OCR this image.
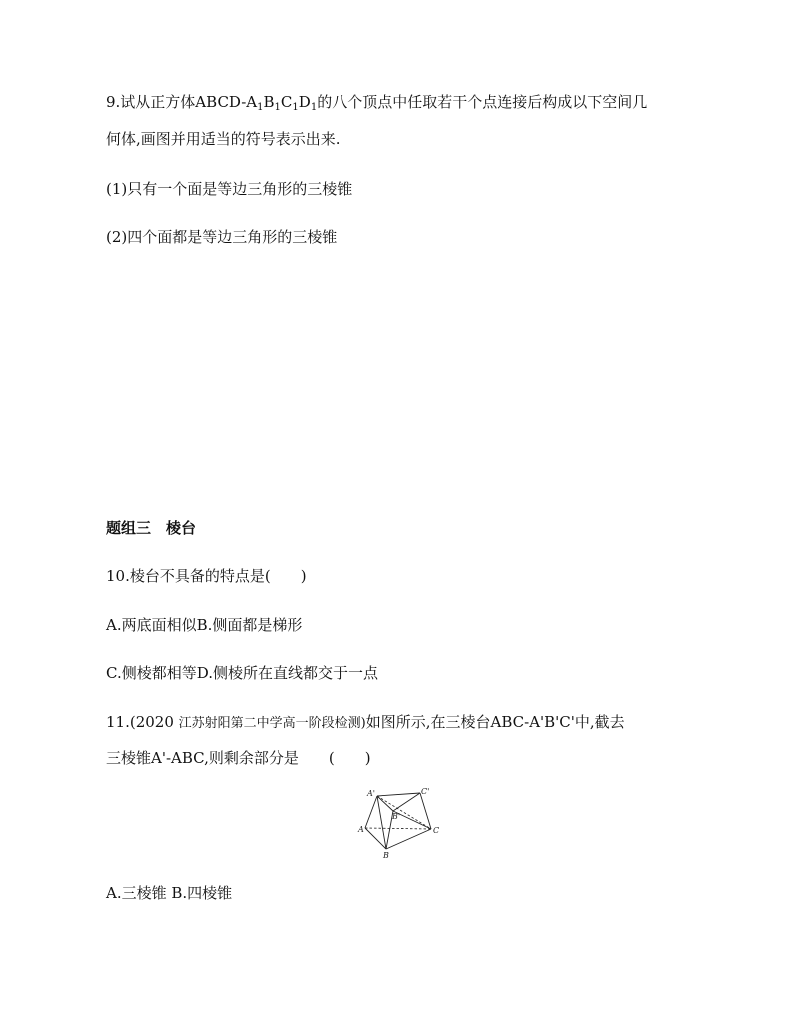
9.试从正方体ABCD-$A_1B_1C_1D_1$的八个顶点中任取若干个点连接后构成以下空间几
何体,画图并用适当的符号表示出来.
(1)只有一个面是等边三角形的三棱锥
(2)四个面都是等边三角形的三棱锥
题组三　棱台
10.棱台不具备的特点是(　　)
A.两底面相似B.侧面都是梯形
C.侧棱都相等D.侧棱所在直线都交于一点
11.(2020 江苏射阳第二中学高一阶段检测)如图所示,在三棱台ABC-A'B'C'中,截去
三棱锥A'-ABC,则剩余部分是　　(　　)
A'	C'
B'
A	C
B
A.三棱锥 B.四棱锥
